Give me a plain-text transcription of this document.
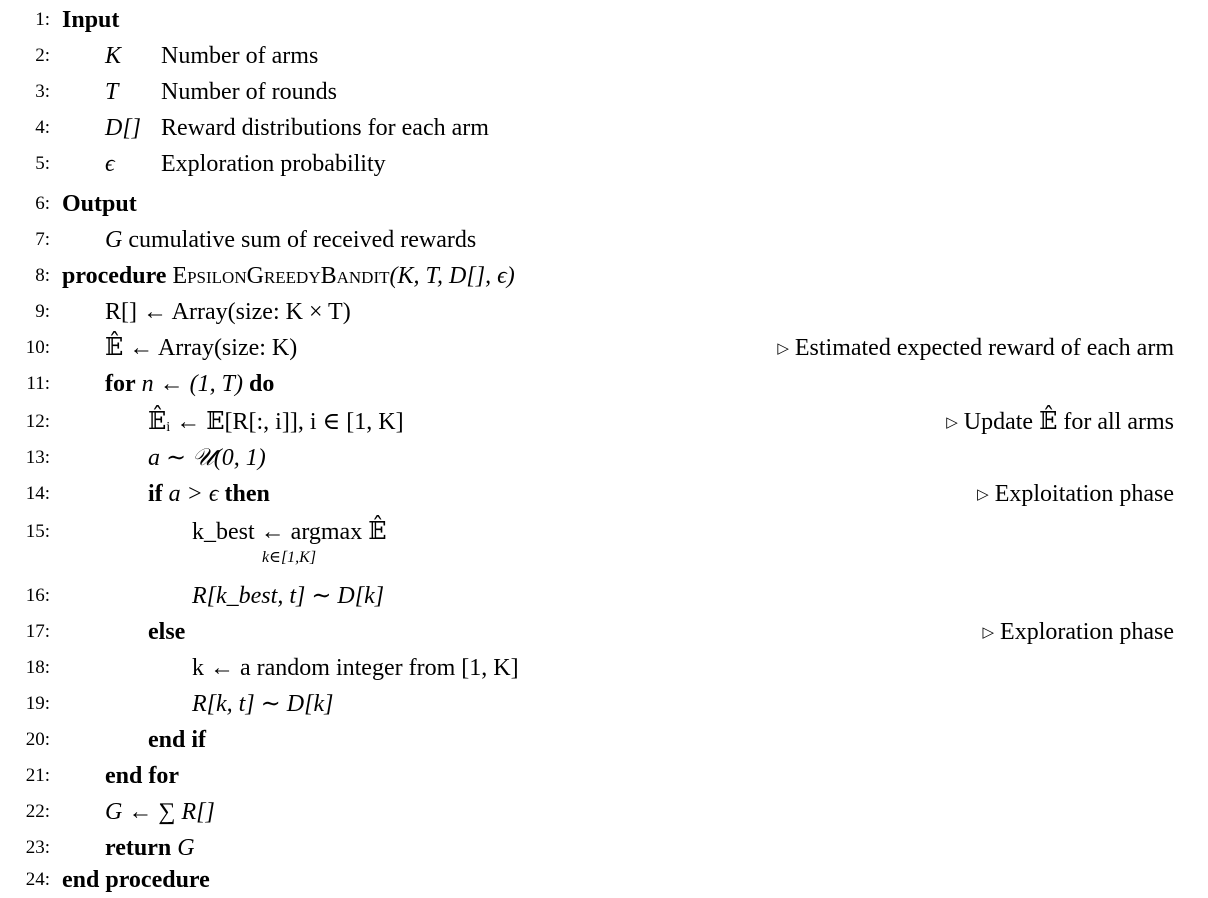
1: Input
2: K Number of arms
3: T Number of rounds
4: D[] Reward distributions for each arm
5: ϵ Exploration probability
6: Output
7: G cumulative sum of received rewards
8: procedure EpsilonGreedyBandit(K, T, D[], ϵ)
9: R[] ← Array(size: K × T)
10: 𝔼̂ ← Array(size: K)	▷ Estimated expected reward of each arm
11: for n ← (1, T) do
12:	𝔼̂ᵢ ← 𝔼[R[:, i]], i ∈ [1, K]	▷ Update 𝔼̂ for all arms
13:	a ∼ 𝒰(0, 1)
14:	if a > ϵ then	▷ Exploitation phase
15:	k_best ← argmax 𝔼̂
k∈[1,K]
16:	R[k_best, t] ∼ D[k]
17:	else	▷ Exploration phase
18:	k ← a random integer from [1, K]
19:	R[k, t] ∼ D[k]
20:	end if
21: end for
22: G ← ∑ R[]
23: return G
24: end procedure
